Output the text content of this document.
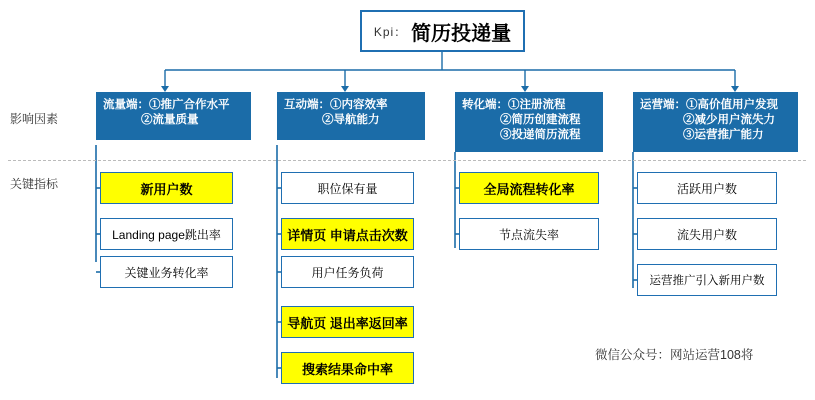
Kpi： 简历投递量
影响因素
关键指标
流量端：①推广合作水平
②流量质量
新用户数
Landing page跳出率
关键业务转化率
互动端：①内容效率
②导航能力
职位保有量
详情页 申请点击次数
用户任务负荷
导航页 退出率返回率
搜索结果命中率
转化端：①注册流程
②简历创建流程
③投递简历流程
全局流程转化率
节点流失率
运营端：①高价值用户发现
②减少用户流失力
③运营推广能力
活跃用户数
流失用户数
运营推广引入新用户数
微信公众号：网站运营108将
